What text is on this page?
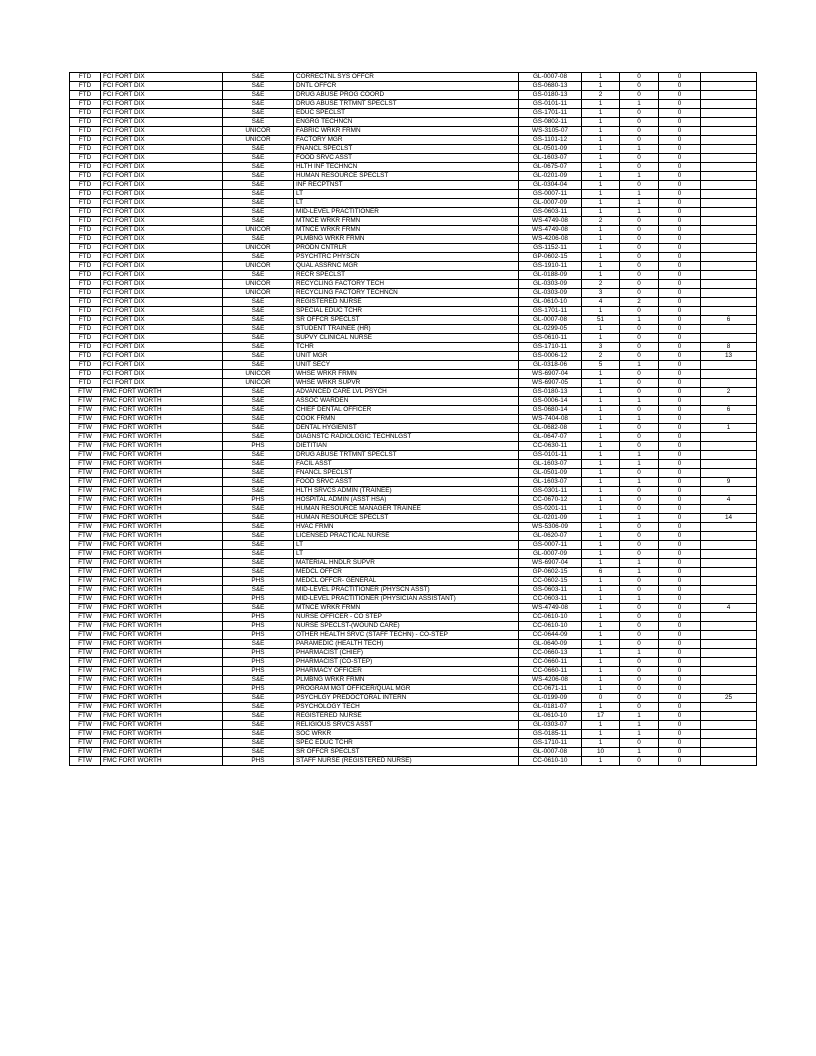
FTD	FCI FORT DIX	S&E	CORRECTNL SYS OFFCR	GL-0007-08	1	0	0	
FTD	FCI FORT DIX	S&E	DNTL OFFCR	GS-0680-13	1	0	0	
FTD	FCI FORT DIX	S&E	DRUG ABUSE PROG COORD	GS-0180-13	2	0	0	
FTD	FCI FORT DIX	S&E	DRUG ABUSE TRTMNT SPECLST	GS-0101-11	1	1	0	
FTD	FCI FORT DIX	S&E	EDUC SPECLST	GS-1701-11	1	0	0	
FTD	FCI FORT DIX	S&E	ENGRG TECHNCN	GS-0802-11	1	0	0	
FTD	FCI FORT DIX	UNICOR	FABRIC WRKR FRMN	WS-3105-07	1	0	0	
FTD	FCI FORT DIX	UNICOR	FACTORY MGR	GS-1101-12	1	0	0	
FTD	FCI FORT DIX	S&E	FNANCL SPECLST	GL-0501-09	1	1	0	
FTD	FCI FORT DIX	S&E	FOOD SRVC ASST	GL-1603-07	1	0	0	
FTD	FCI FORT DIX	S&E	HLTH INF TECHNCN	GL-0675-07	1	0	0	
FTD	FCI FORT DIX	S&E	HUMAN RESOURCE SPECLST	GL-0201-09	1	1	0	
FTD	FCI FORT DIX	S&E	INF RECPTNST	GL-0304-04	1	0	0	
FTD	FCI FORT DIX	S&E	LT	GS-0007-11	1	1	0	
FTD	FCI FORT DIX	S&E	LT	GL-0007-09	1	1	0	
FTD	FCI FORT DIX	S&E	MID-LEVEL PRACTITIONER	GS-0603-11	1	1	0	
FTD	FCI FORT DIX	S&E	MTNCE WRKR FRMN	WS-4749-08	2	0	0	
FTD	FCI FORT DIX	UNICOR	MTNCE WRKR FRMN	WS-4749-08	1	0	0	
FTD	FCI FORT DIX	S&E	PLMBNG WRKR FRMN	WS-4206-08	1	0	0	
FTD	FCI FORT DIX	UNICOR	PRODN CNTRLR	GS-1152-11	1	0	0	
FTD	FCI FORT DIX	S&E	PSYCHTRC PHYSCN	GP-0602-15	1	0	0	
FTD	FCI FORT DIX	UNICOR	QUAL ASSRNC MGR	GS-1910-11	1	0	0	
FTD	FCI FORT DIX	S&E	RECR SPECLST	GL-0188-09	1	0	0	
FTD	FCI FORT DIX	UNICOR	RECYCLING FACTORY TECH	GL-0303-09	2	0	0	
FTD	FCI FORT DIX	UNICOR	RECYCLING FACTORY TECHNCN	GL-0303-09	3	0	0	
FTD	FCI FORT DIX	S&E	REGISTERED NURSE	GL-0610-10	4	2	0	
FTD	FCI FORT DIX	S&E	SPECIAL EDUC TCHR	GS-1701-11	1	0	0	
FTD	FCI FORT DIX	S&E	SR OFFCR SPECLST	GL-0007-08	51	1	0	6
FTD	FCI FORT DIX	S&E	STUDENT TRAINEE (HR)	GL-0299-05	1	0	0	
FTD	FCI FORT DIX	S&E	SUPVY CLINICAL NURSE	GS-0610-11	1	0	0	
FTD	FCI FORT DIX	S&E	TCHR	GS-1710-11	3	0	0	8
FTD	FCI FORT DIX	S&E	UNIT MGR	GS-0006-12	2	0	0	13
FTD	FCI FORT DIX	S&E	UNIT SECY	GL-0318-06	5	1	0	
FTD	FCI FORT DIX	UNICOR	WHSE WRKR FRMN	WS-6907-04	1	0	0	
FTD	FCI FORT DIX	UNICOR	WHSE WRKR SUPVR	WS-6907-05	1	0	0	
FTW	FMC FORT WORTH	S&E	ADVANCED CARE LVL PSYCH	GS-0180-13	1	0	0	2
FTW	FMC FORT WORTH	S&E	ASSOC WARDEN	GS-0006-14	1	1	0	
FTW	FMC FORT WORTH	S&E	CHIEF DENTAL OFFICER	GS-0680-14	1	0	0	6
FTW	FMC FORT WORTH	S&E	COOK FRMN	WS-7404-08	1	1	0	
FTW	FMC FORT WORTH	S&E	DENTAL HYGIENIST	GL-0682-08	1	0	0	1
FTW	FMC FORT WORTH	S&E	DIAGNSTC RADIOLOGIC TECHNLGST	GL-0647-07	1	0	0	
FTW	FMC FORT WORTH	PHS	DIETITIAN	CC-0630-11	1	0	0	
FTW	FMC FORT WORTH	S&E	DRUG ABUSE TRTMNT SPECLST	GS-0101-11	1	1	0	
FTW	FMC FORT WORTH	S&E	FACIL ASST	GL-1603-07	1	1	0	
FTW	FMC FORT WORTH	S&E	FNANCL SPECLST	GL-0501-09	1	0	0	
FTW	FMC FORT WORTH	S&E	FOOD SRVC ASST	GL-1603-07	1	1	0	9
FTW	FMC FORT WORTH	S&E	HLTH SRVCS ADMIN (TRAINEE)	GS-0301-11	1	0	0	
FTW	FMC FORT WORTH	PHS	HOSPITAL ADMIN (ASST HSA)	CC-0670-12	1	0	0	4
FTW	FMC FORT WORTH	S&E	HUMAN RESOURCE MANAGER TRAINEE	GS-0201-11	1	0	0	
FTW	FMC FORT WORTH	S&E	HUMAN RESOURCE SPECLST	GL-0201-09	1	1	0	14
FTW	FMC FORT WORTH	S&E	HVAC FRMN	WS-5306-09	1	0	0	
FTW	FMC FORT WORTH	S&E	LICENSED PRACTICAL NURSE	GL-0620-07	1	0	0	
FTW	FMC FORT WORTH	S&E	LT	GS-0007-11	1	0	0	
FTW	FMC FORT WORTH	S&E	LT	GL-0007-09	1	0	0	
FTW	FMC FORT WORTH	S&E	MATERIAL HNDLR SUPVR	WS-6907-04	1	1	0	
FTW	FMC FORT WORTH	S&E	MEDCL OFFCR	GP-0602-15	6	1	0	
FTW	FMC FORT WORTH	PHS	MEDCL OFFCR- GENERAL	CC-0602-15	1	0	0	
FTW	FMC FORT WORTH	S&E	MID-LEVEL PRACTITIONER (PHYSCN ASST)	GS-0603-11	1	0	0	
FTW	FMC FORT WORTH	PHS	MID-LEVEL PRACTITIONER (PHYSICIAN ASSISTANT)	CC-0603-11	1	1	0	
FTW	FMC FORT WORTH	S&E	MTNCE WRKR FRMN	WS-4749-08	1	0	0	4
FTW	FMC FORT WORTH	PHS	NURSE OFFICER - CO STEP	CC-0610-10	1	0	0	
FTW	FMC FORT WORTH	PHS	NURSE SPECLST-(WOUND CARE)	CC-0610-10	1	0	0	
FTW	FMC FORT WORTH	PHS	OTHER HEALTH SRVC (STAFF TECHN) - CO-STEP	CC-0644-09	1	0	0	
FTW	FMC FORT WORTH	S&E	PARAMEDIC (HEALTH TECH)	GL-0640-09	1	0	0	
FTW	FMC FORT WORTH	PHS	PHARMACIST (CHIEF)	CC-0660-13	1	1	0	
FTW	FMC FORT WORTH	PHS	PHARMACIST (CO-STEP)	CC-0660-11	1	0	0	
FTW	FMC FORT WORTH	PHS	PHARMACY OFFICER	CC-0660-11	1	0	0	
FTW	FMC FORT WORTH	S&E	PLMBNG WRKR FRMN	WS-4206-08	1	0	0	
FTW	FMC FORT WORTH	PHS	PROGRAM MGT OFFICER/QUAL MGR	CC-0671-11	1	0	0	
FTW	FMC FORT WORTH	S&E	PSYCHLGY PREDOCTORAL INTERN	GL-0199-09	0	0	0	25
FTW	FMC FORT WORTH	S&E	PSYCHOLOGY TECH	GL-0181-07	1	0	0	
FTW	FMC FORT WORTH	S&E	REGISTERED NURSE	GL-0610-10	17	1	0	
FTW	FMC FORT WORTH	S&E	RELIGIOUS SRVCS ASST	GL-0303-07	1	1	0	
FTW	FMC FORT WORTH	S&E	SOC WRKR	GS-0185-11	1	1	0	
FTW	FMC FORT WORTH	S&E	SPEC EDUC TCHR	GS-1710-11	1	0	0	
FTW	FMC FORT WORTH	S&E	SR OFFCR SPECLST	GL-0007-08	10	1	0	
FTW	FMC FORT WORTH	PHS	STAFF NURSE (REGISTERED NURSE)	CC-0610-10	1	0	0	
